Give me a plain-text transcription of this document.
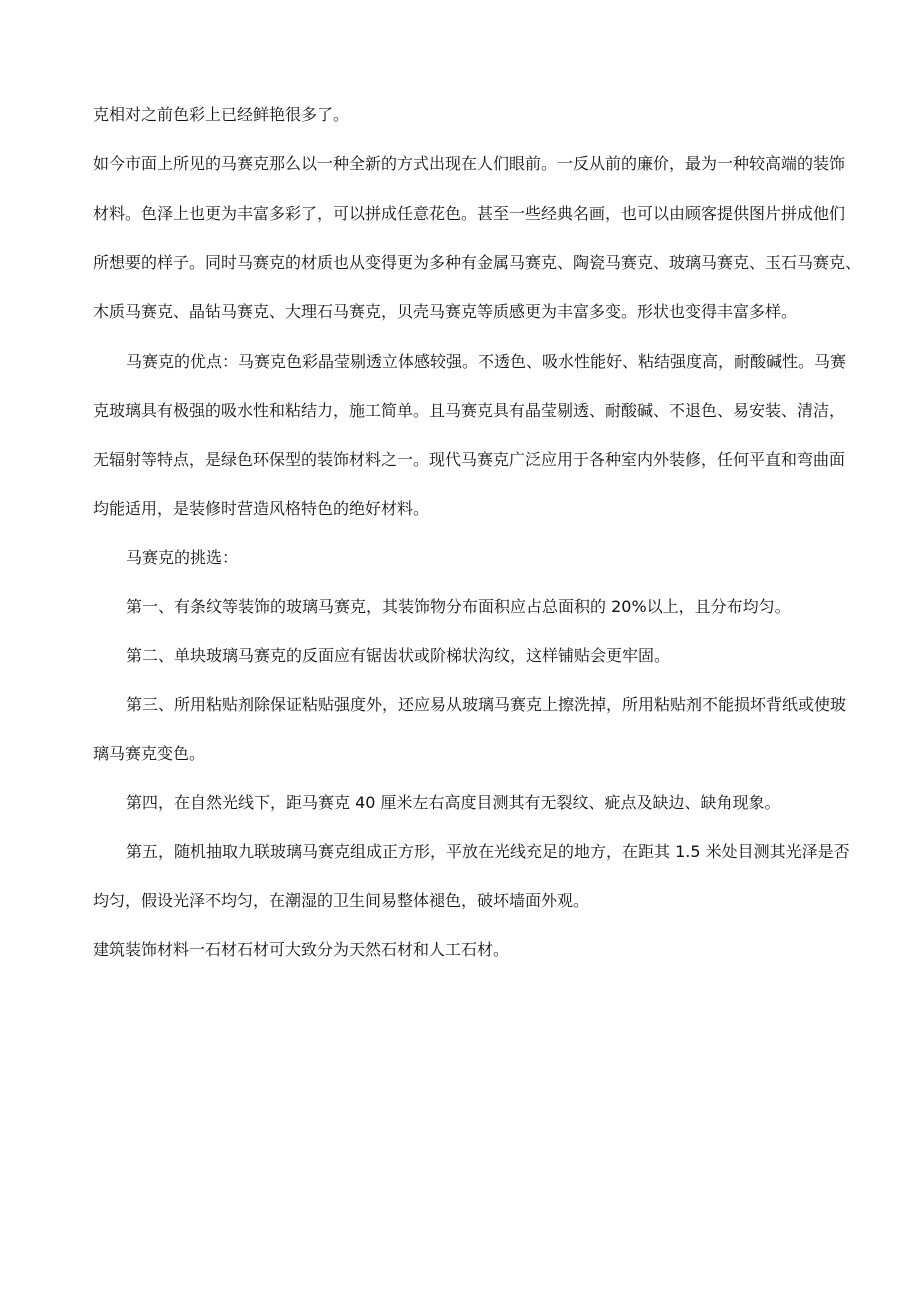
克相对之前色彩上已经鲜艳很多了。
如今市面上所见的马赛克那么以一种全新的方式出现在人们眼前。一反从前的廉价，最为一种较高端的装饰
材料。色泽上也更为丰富多彩了，可以拼成任意花色。甚至一些经典名画，也可以由顾客提供图片拼成他们
所想要的样子。同时马赛克的材质也从变得更为多种有金属马赛克、陶瓷马赛克、玻璃马赛克、玉石马赛克、
木质马赛克、晶钻马赛克、大理石马赛克，贝壳马赛克等质感更为丰富多变。形状也变得丰富多样。
马赛克的优点：马赛克色彩晶莹剔透立体感较强。不透色、吸水性能好、粘结强度高，耐酸碱性。马赛
克玻璃具有极强的吸水性和粘结力，施工简单。且马赛克具有晶莹剔透、耐酸碱、不退色、易安装、清洁，
无辐射等特点，是绿色环保型的装饰材料之一。现代马赛克广泛应用于各种室内外装修，任何平直和弯曲面
均能适用，是装修时营造风格特色的绝好材料。
马赛克的挑选：
第一、有条纹等装饰的玻璃马赛克，其装饰物分布面积应占总面积的 20%以上，且分布均匀。
第二、单块玻璃马赛克的反面应有锯齿状或阶梯状沟纹，这样铺贴会更牢固。
第三、所用粘贴剂除保证粘贴强度外，还应易从玻璃马赛克上擦洗掉，所用粘贴剂不能损坏背纸或使玻
璃马赛克变色。
第四，在自然光线下，距马赛克 40 厘米左右高度目测其有无裂纹、疵点及缺边、缺角现象。
第五，随机抽取九联玻璃马赛克组成正方形，平放在光线充足的地方，在距其 1.5 米处目测其光泽是否
均匀，假设光泽不均匀，在潮湿的卫生间易整体褪色，破坏墙面外观。
建筑装饰材料一石材石材可大致分为天然石材和人工石材。
